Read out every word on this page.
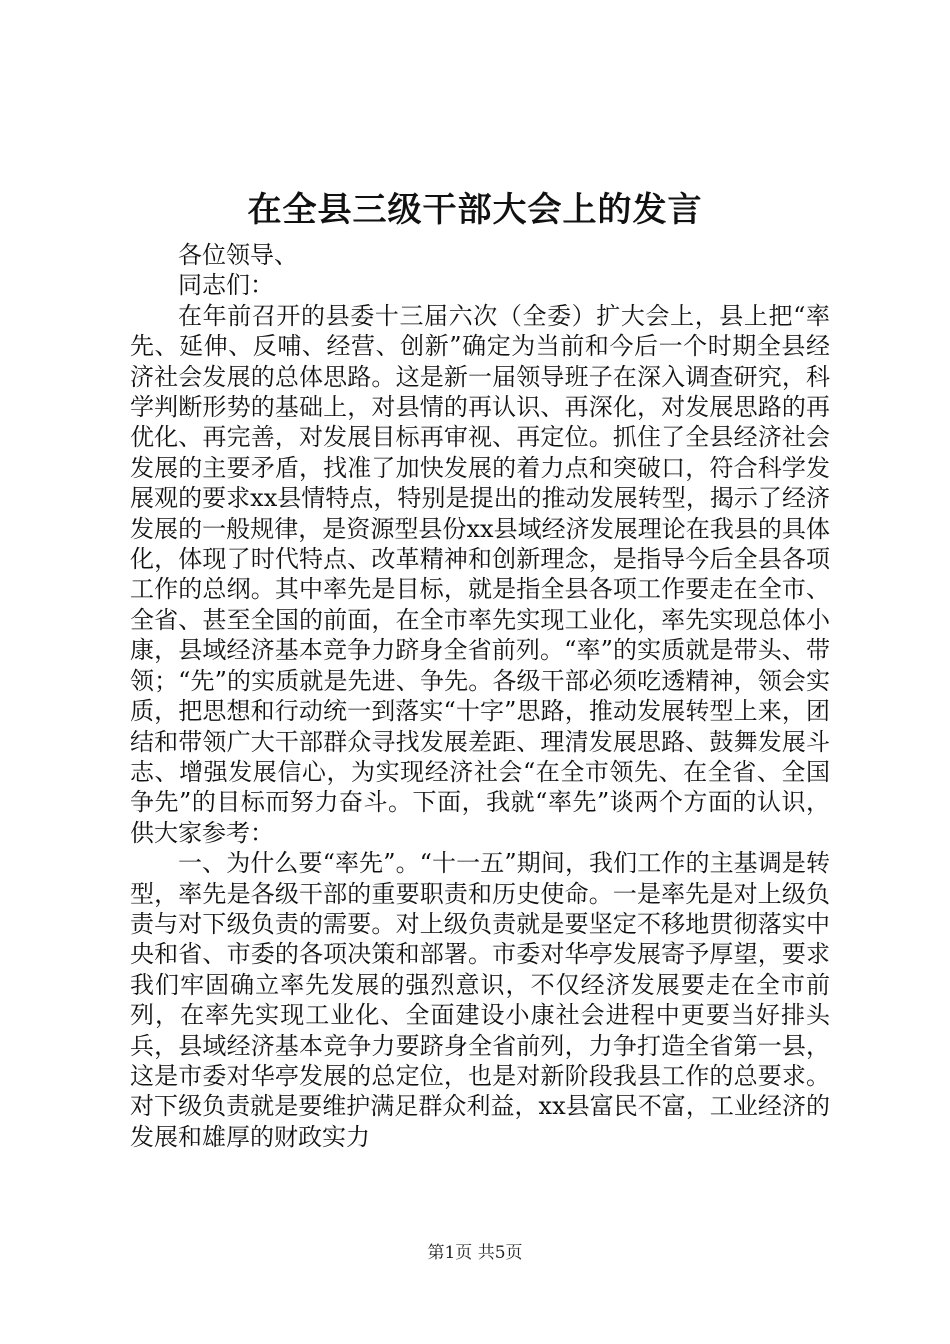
在全县三级干部大会上的发言

各位领导、

同志们：

在年前召开的县委十三届六次（全委）扩大会上，县上把“率先、延伸、反哺、经营、创新”确定为当前和今后一个时期全县经济社会发展的总体思路。这是新一届领导班子在深入调查研究，科学判断形势的基础上，对县情的再认识、再深化，对发展思路的再优化、再完善，对发展目标再审视、再定位。抓住了全县经济社会发展的主要矛盾，找准了加快发展的着力点和突破口，符合科学发展观的要求xx县情特点，特别是提出的推动发展转型，揭示了经济发展的一般规律，是资源型县份xx县域经济发展理论在我县的具体化，体现了时代特点、改革精神和创新理念，是指导今后全县各项工作的总纲。其中率先是目标，就是指全县各项工作要走在全市、全省、甚至全国的前面，在全市率先实现工业化，率先实现总体小康，县域经济基本竞争力跻身全省前列。“率”的实质就是带头、带领；“先”的实质就是先进、争先。各级干部必须吃透精神，领会实质，把思想和行动统一到落实“十字”思路，推动发展转型上来，团结和带领广大干部群众寻找发展差距、理清发展思路、鼓舞发展斗志、增强发展信心，为实现经济社会“在全市领先、在全省、全国争先”的目标而努力奋斗。下面，我就“率先”谈两个方面的认识，供大家参考：

一、为什么要“率先”。“十一五”期间，我们工作的主基调是转型，率先是各级干部的重要职责和历史使命。一是率先是对上级负责与对下级负责的需要。对上级负责就是要坚定不移地贯彻落实中央和省、市委的各项决策和部署。市委对华亭发展寄予厚望，要求我们牢固确立率先发展的强烈意识，不仅经济发展要走在全市前列，在率先实现工业化、全面建设小康社会进程中更要当好排头兵，县域经济基本竞争力要跻身全省前列，力争打造全省第一县，这是市委对华亭发展的总定位，也是对新阶段我县工作的总要求。对下级负责就是要维护满足群众利益，xx县富民不富，工业经济的发展和雄厚的财政实力

第1页 共5页
